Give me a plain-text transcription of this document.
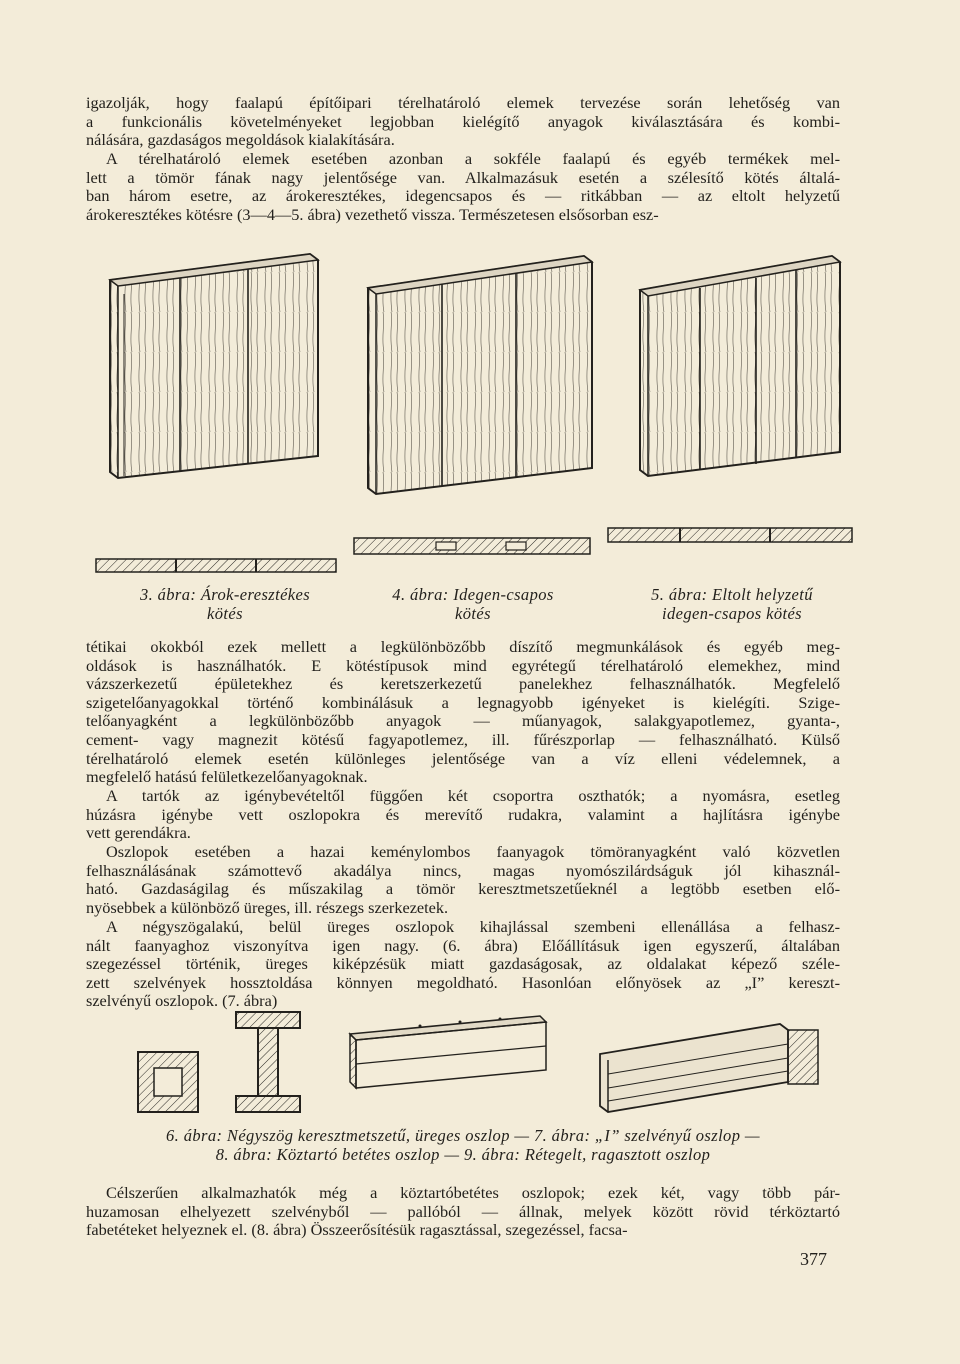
igazolják, hogy faalapú építőipari térelhatároló elemek tervezése során lehetőség van
a funkcionális követelményeket legjobban kielégítő anyagok kiválasztására és kombi-
nálására, gazdaságos megoldások kialakítására.
A térelhatároló elemek esetében azonban a sokféle faalapú és egyéb termékek mel-
lett a tömör fának nagy jelentősége van. Alkalmazásuk esetén a szélesítő kötés általá-
ban három esetre, az árokeresztékes, idegencsapos és — ritkábban — az eltolt helyzetű
árokeresztékes kötésre (3—4—5. ábra) vezethető vissza. Természetesen elsősorban esz-
3. ábra: Árok-eresztékes
kötés
4. ábra: Idegen-csapos
kötés
5. ábra: Eltolt helyzetű
idegen-csapos kötés
tétikai okokból ezek mellett a legkülönbözőbb díszítő megmunkálások és egyéb meg-
oldások is használhatók. E kötéstípusok mind egyrétegű térelhatároló elemekhez, mind
vázszerkezetű épületekhez és keretszerkezetű panelekhez felhasználhatók. Megfelelő
szigetelőanyagokkal történő kombinálásuk a legnagyobb igényeket is kielégíti. Szige-
telőanyagként a legkülönbözőbb anyagok — műanyagok, salakgyapotlemez, gyanta-,
cement- vagy magnezit kötésű fagyapotlemez, ill. fűrészporlap — felhasználható. Külső
térelhatároló elemek esetén különleges jelentősége van a víz elleni védelemnek, a
megfelelő hatású felületkezelőanyagoknak.
A tartók az igénybevételtől függően két csoportra oszthatók; a nyomásra, esetleg
húzásra igénybe vett oszlopokra és merevítő rudakra, valamint a hajlításra igénybe
vett gerendákra.
Oszlopok esetében a hazai keménylombos faanyagok tömöranyagként való közvetlen
felhasználásának számottevő akadálya nincs, magas nyomószilárdságuk jól kihasznál-
ható. Gazdaságilag és műszakilag a tömör keresztmetszetűeknél a legtöbb esetben elő-
nyösebbek a különböző üreges, ill. részegs szerkezetek.
A négyszögalakú, belül üreges oszlopok kihajlással szembeni ellenállása a felhasz-
nált faanyaghoz viszonyítva igen nagy. (6. ábra) Előállításuk igen egyszerű, általában
szegezéssel történik, üreges kiképzésük miatt gazdaságosak, az oldalakat képező széle-
zett szelvények hossztoldása könnyen megoldható. Hasonlóan előnyösek az „I” kereszt-
szelvényű oszlopok. (7. ábra)
6. ábra: Négyszög keresztmetszetű, üreges oszlop — 7. ábra: „I” szelvényű oszlop —
8. ábra: Köztartó betétes oszlop — 9. ábra: Rétegelt, ragasztott oszlop
Célszerűen alkalmazhatók még a köztartóbetétes oszlopok; ezek két, vagy több pár-
huzamosan elhelyezett szelvényből — pallóból — állnak, melyek között rövid térköztartó
fabetéteket helyeznek el. (8. ábra) Összeerősítésük ragasztással, szegezéssel, facsa-
377
